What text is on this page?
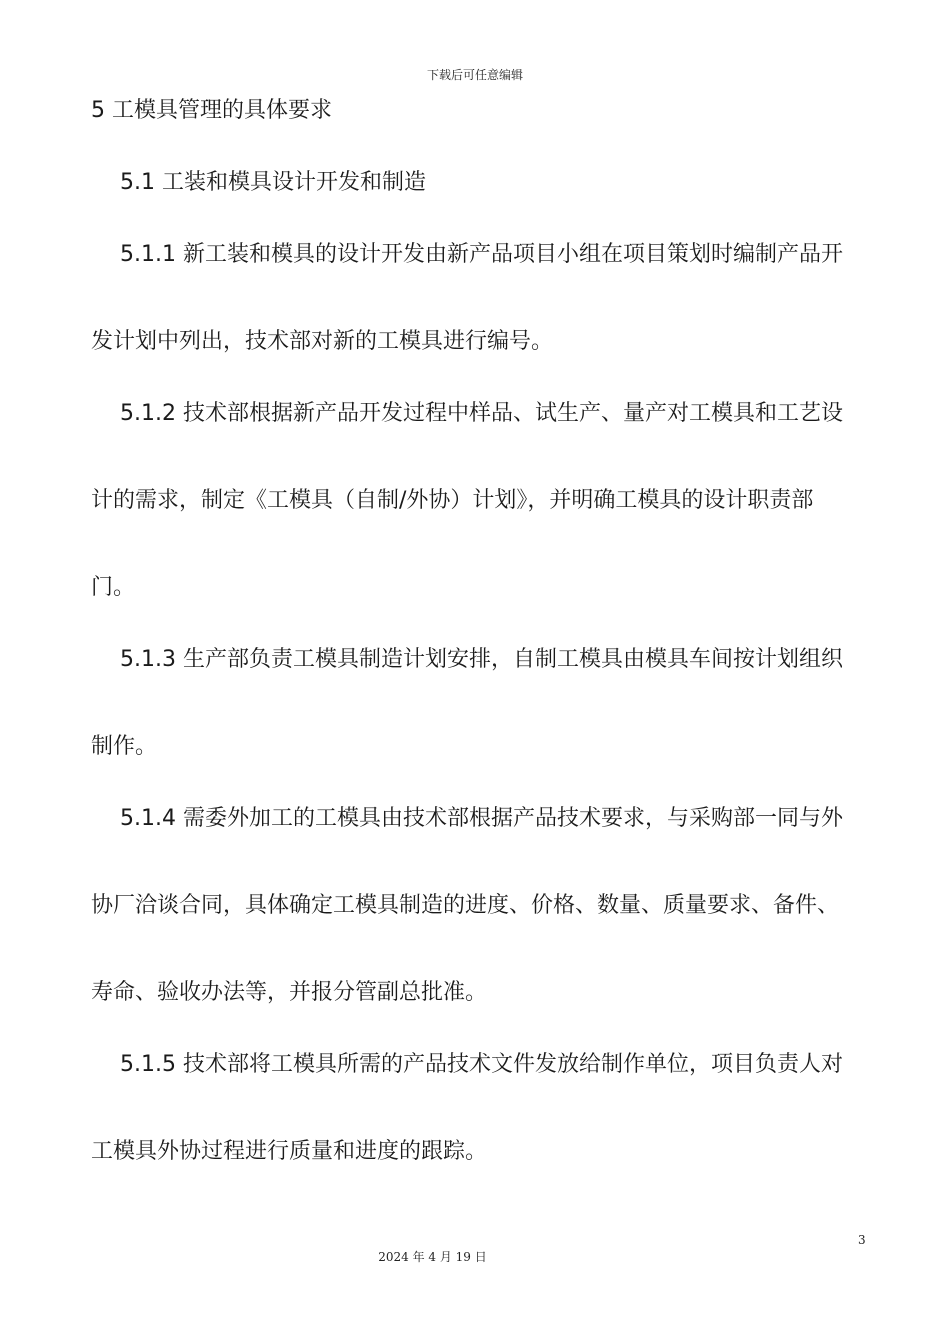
下载后可任意编辑
5 工模具管理的具体要求
5.1 工装和模具设计开发和制造
5.1.1 新工装和模具的设计开发由新产品项目小组在项目策划时编制产品开
发计划中列出，技术部对新的工模具进行编号。
5.1.2 技术部根据新产品开发过程中样品、试生产、量产对工模具和工艺设
计的需求，制定《工模具（自制/外协）计划》，并明确工模具的设计职责部
门。
5.1.3 生产部负责工模具制造计划安排，自制工模具由模具车间按计划组织
制作。
5.1.4 需委外加工的工模具由技术部根据产品技术要求，与采购部一同与外
协厂洽谈合同，具体确定工模具制造的进度、价格、数量、质量要求、备件、
寿命、验收办法等，并报分管副总批准。
5.1.5 技术部将工模具所需的产品技术文件发放给制作单位，项目负责人对
工模具外协过程进行质量和进度的跟踪。
3
2024 年 4 月 19 日
